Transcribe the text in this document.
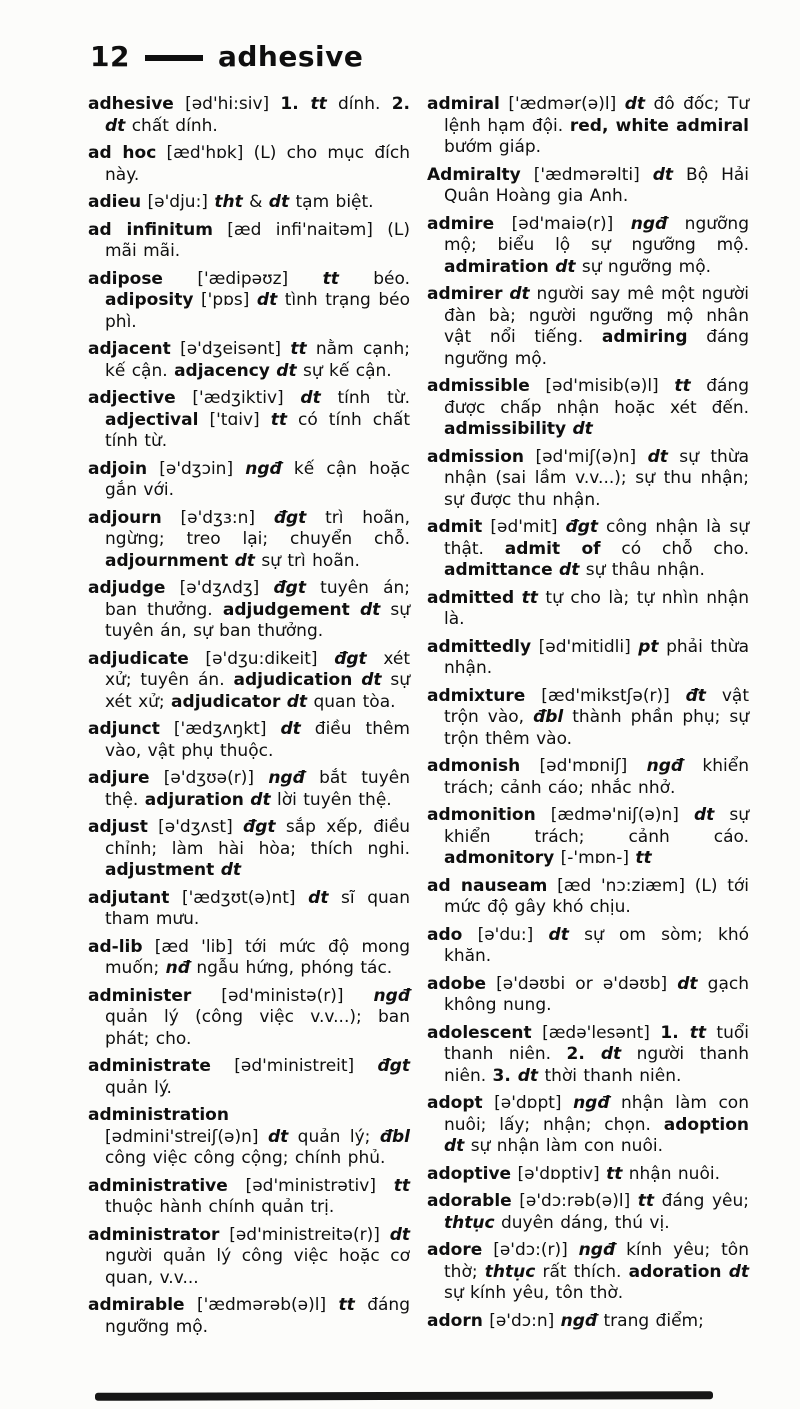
12	adhesive

adhesive [əd'hi:siv] 1. tt dính. 2. dt chất dính.

ad hoc [æd'hɒk] (L) cho mục đích này.

adieu [ə'dju:] tht & dt tạm biệt.

ad infinitum [æd infi'naitəm] (L) mãi mãi.

adipose ['ædipəʊz] tt béo. adiposity ['pɒs] dt tình trạng béo phì.

adjacent [ə'dʒeisənt] tt nằm cạnh; kế cận. adjacency dt sự kế cận.

adjective ['ædʒiktiv] dt tính từ. adjectival ['tɑiv] tt có tính chất tính từ.

adjoin [ə'dʒɔin] ngđ kế cận hoặc gắn với.

adjourn [ə'dʒɜ:n] đgt trì hoãn, ngừng; treo lại; chuyển chỗ. adjournment dt sự trì hoãn.

adjudge [ə'dʒʌdʒ] đgt tuyên án; ban thưởng. adjudgement dt sự tuyên án, sự ban thưởng.

adjudicate [ə'dʒu:dikeit] đgt xét xử; tuyên án. adjudication dt sự xét xử; adjudicator dt quan tòa.

adjunct ['ædʒʌŋkt] dt điều thêm vào, vật phụ thuộc.

adjure [ə'dʒʊə(r)] ngđ bắt tuyên thệ. adjuration dt lời tuyên thệ.

adjust [ə'dʒʌst] đgt sắp xếp, điều chỉnh; làm hài hòa; thích nghi. adjustment dt

adjutant ['ædʒʊt(ə)nt] dt sĩ quan tham mưu.

ad-lib [æd 'lib] tới mức độ mong muốn; nđ ngẫu hứng, phóng tác.

administer [əd'ministə(r)] ngđ quản lý (công việc v.v...); ban phát; cho.

administrate [əd'ministreit] đgt quản lý.

administration
[ədmini'streiʃ(ə)n] dt quản lý; đbl công việc công cộng; chính phủ.

administrative [əd'ministrətiv] tt thuộc hành chính quản trị.

administrator [əd'ministreitə(r)] dt người quản lý công việc hoặc cơ quan, v.v...

admirable ['ædmərəb(ə)l] tt đáng ngưỡng mộ.

admiral ['ædmər(ə)l] dt đô đốc; Tư lệnh hạm đội. red, white admiral bướm giáp.

Admiralty ['ædmərəlti] dt Bộ Hải Quân Hoàng gia Anh.

admire [əd'maiə(r)] ngđ ngưỡng mộ; biểu lộ sự ngưỡng mộ. admiration dt sự ngưỡng mộ.

admirer dt người say mê một người đàn bà; người ngưỡng mộ nhân vật nổi tiếng. admiring đáng ngưỡng mộ.

admissible [əd'misib(ə)l] tt đáng được chấp nhận hoặc xét đến. admissibility dt

admission [əd'miʃ(ə)n] dt sự thừa nhận (sai lầm v.v...); sự thu nhận; sự được thu nhận.

admit [əd'mit] đgt công nhận là sự thật. admit of có chỗ cho. admittance dt sự thâu nhận.

admitted tt tự cho là; tự nhìn nhận là.

admittedly [əd'mitidli] pt phải thừa nhận.

admixture [æd'mikstʃə(r)] đt vật trộn vào, đbl thành phần phụ; sự trộn thêm vào.

admonish [əd'mɒniʃ] ngđ khiển trách; cảnh cáo; nhắc nhở.

admonition [ædmə'niʃ(ə)n] dt sự khiển trách; cảnh cáo. admonitory [-'mɒn-] tt

ad nauseam [æd 'nɔ:ziæm] (L) tới mức độ gây khó chịu.

ado [ə'du:] dt sự om sòm; khó khăn.

adobe [ə'dəʊbi or ə'dəʊb] dt gạch không nung.

adolescent [ædə'lesənt] 1. tt tuổi thanh niên. 2. dt người thanh niên. 3. dt thời thanh niên.

adopt [ə'dɒpt] ngđ nhận làm con nuôi; lấy; nhận; chọn. adoption dt sự nhận làm con nuôi.

adoptive [ə'dɒptiv] tt nhận nuôi.

adorable [ə'dɔ:rəb(ə)l] tt đáng yêu; thtục duyên dáng, thú vị.

adore [ə'dɔ:(r)] ngđ kính yêu; tôn thờ; thtục rất thích. adoration dt sự kính yêu, tôn thờ.

adorn [ə'dɔ:n] ngđ trang điểm;
